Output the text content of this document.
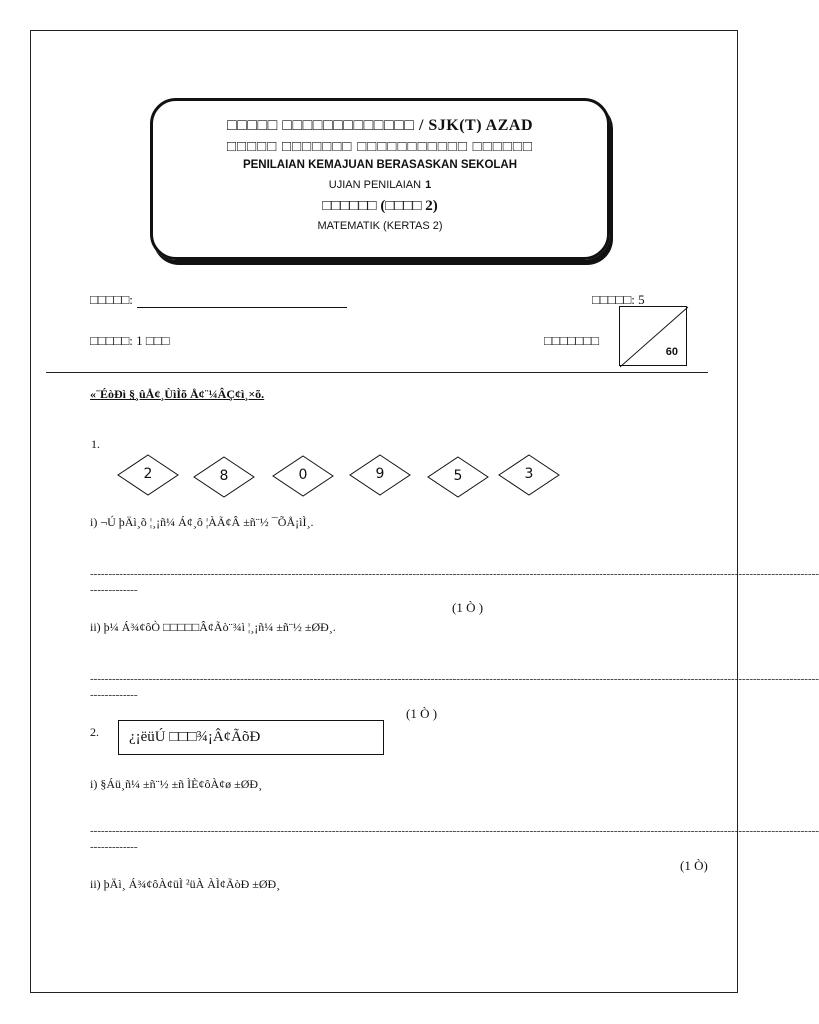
□□□□□ □□□□□□□□□□□□□ / SJK(T) AZAD
□□□□□ □□□□□□□ □□□□□□□□□□□ □□□□□□
PENILAIAN KEMAJUAN BERASASKAN SEKOLAH
UJIAN PENILAIAN 1
□□□□□□ (□□□□ 2)
MATEMATIK (KERTAS 2)
□□□□□:	□□□□□: 5
□□□□□: 1 □□□	□□□□□□□
60
«¨ÉòÐì §¸ûÅ¢¸ÙìÌõ Å¢¨¼ÂÇ¢ì¸×õ.
1.
2	8	0	9	5	3
i) ¬Ú þÄì¸õ ¦¸¡ñ¼ Á¢¸ô ¦ÀÃ¢Â ±ñ¨½ ¯ÕÅ¡ìÌ¸.
-------------------------------------------------------------------------------------------------------------------------------------------------------------------------------------------------------
-------------
(1 Ò )
ii) þ¼ Á¾¢ôÒ □□□□□Â¢Ãò¨¾ì ¦¸¡ñ¼ ±ñ¨½ ±ØÐ¸.
-------------------------------------------------------------------------------------------------------------------------------------------------------------------------------------------------------
-------------
(1 Ò )
2. ¿¡ëüÚ □□□¾¡Â¢ÃõÐ
i) §Áü¸ñ¼ ±ñ¨½ ±ñ ÌÈ¢ôÀ¢ø ±ØÐ¸
-------------------------------------------------------------------------------------------------------------------------------------------------------------------------------------------------------
-------------
(1 Ò)
ii) þÄì¸ Á¾¢ôÀ¢üÌ ²üÀ ÀÌ¢ÃòÐ ±ØÐ¸
